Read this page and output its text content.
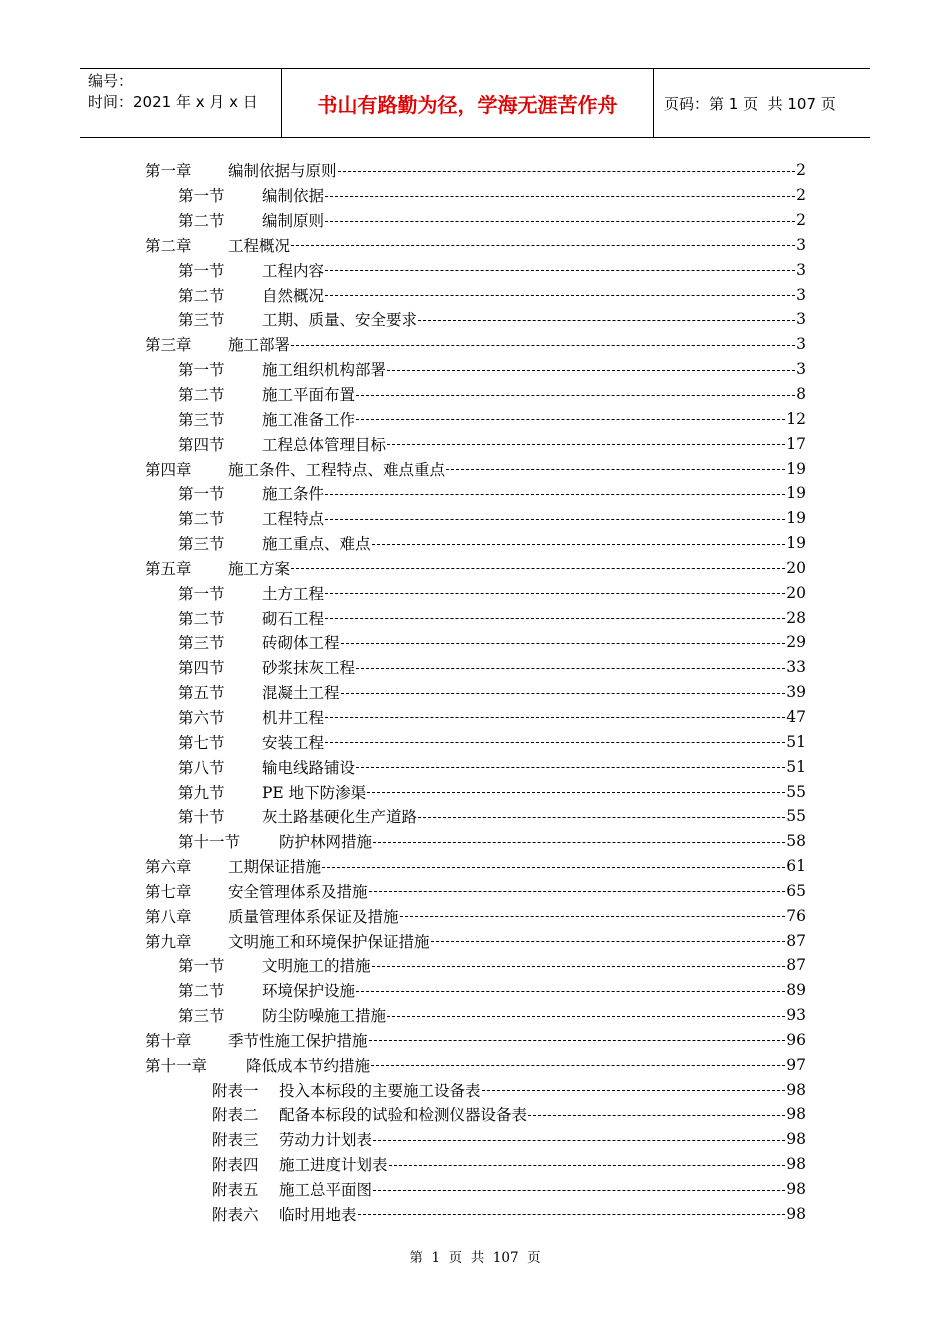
编号：
时间：2021 年 x 月 x 日	书山有路勤为径，学海无涯苦作舟	页码：第 1 页  共 107 页
第一章	编制依据与原则	2
第一节	编制依据	2
第二节	编制原则	2
第二章	工程概况	3
第一节	工程内容	3
第二节	自然概况	3
第三节	工期、质量、安全要求	3
第三章	施工部署	3
第一节	施工组织机构部署	3
第二节	施工平面布置	8
第三节	施工准备工作	12
第四节	工程总体管理目标	17
第四章	施工条件、工程特点、难点重点	19
第一节	施工条件	19
第二节	工程特点	19
第三节	施工重点、难点	19
第五章	施工方案	20
第一节	土方工程	20
第二节	砌石工程	28
第三节	砖砌体工程	29
第四节	砂浆抹灰工程	33
第五节	混凝土工程	39
第六节	机井工程	47
第七节	安装工程	51
第八节	输电线路铺设	51
第九节	PE 地下防渗渠	55
第十节	灰土路基硬化生产道路	55
第十一节	防护林网措施	58
第六章	工期保证措施	61
第七章	安全管理体系及措施	65
第八章	质量管理体系保证及措施	76
第九章	文明施工和环境保护保证措施	87
第一节	文明施工的措施	87
第二节	环境保护设施	89
第三节	防尘防噪施工措施	93
第十章	季节性施工保护措施	96
第十一章	降低成本节约措施	97
附表一	投入本标段的主要施工设备表	98
附表二	配备本标段的试验和检测仪器设备表	98
附表三	劳动力计划表	98
附表四	施工进度计划表	98
附表五	施工总平面图	98
附表六	临时用地表	98
第  1  页  共  107  页
